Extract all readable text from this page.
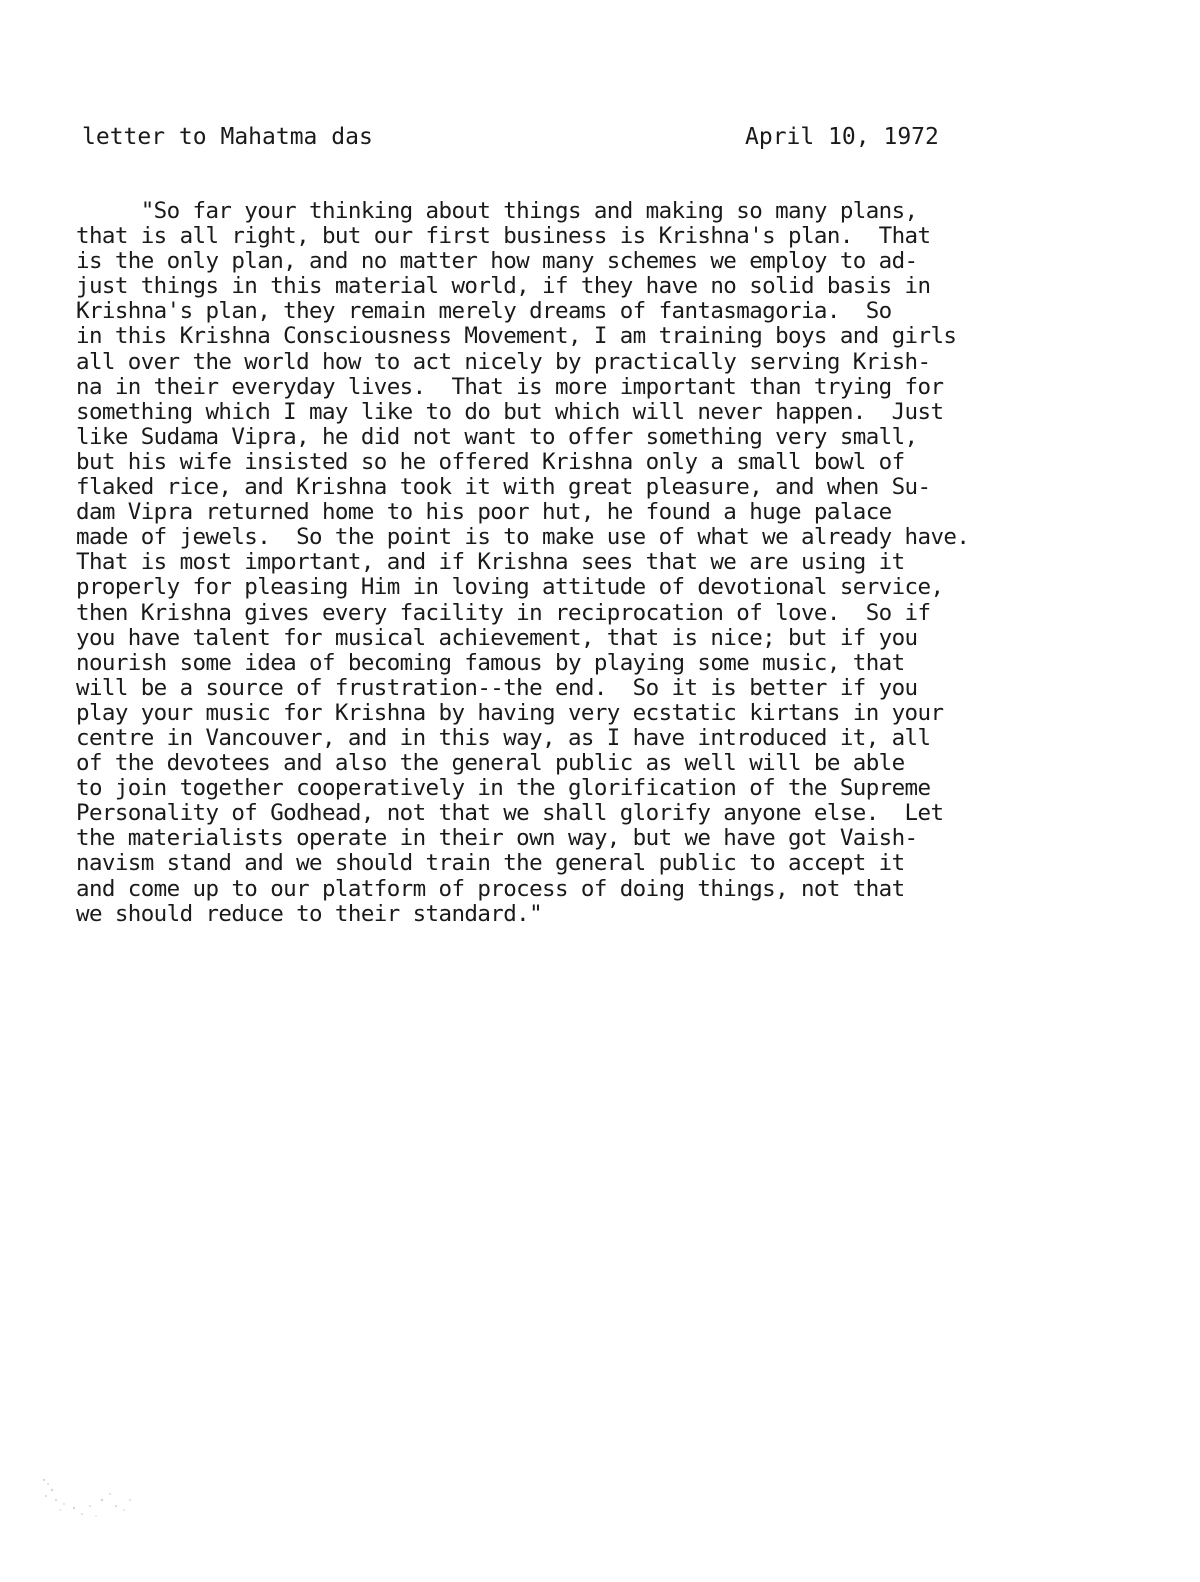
letter to Mahatma das

	April 10, 1972

"So far your thinking about things and making so many plans,
that is all right, but our first business is Krishna's plan.  That
is the only plan, and no matter how many schemes we employ to ad-
just things in this material world, if they have no solid basis in
Krishna's plan, they remain merely dreams of fantasmagoria.  So
in this Krishna Consciousness Movement, I am training boys and girls
all over the world how to act nicely by practically serving Krish-
na in their everyday lives.  That is more important than trying for
something which I may like to do but which will never happen.  Just
like Sudama Vipra, he did not want to offer something very small,
but his wife insisted so he offered Krishna only a small bowl of
flaked rice, and Krishna took it with great pleasure, and when Su-
dam Vipra returned home to his poor hut, he found a huge palace
made of jewels.  So the point is to make use of what we already have.
That is most important, and if Krishna sees that we are using it
properly for pleasing Him in loving attitude of devotional service,
then Krishna gives every facility in reciprocation of love.  So if
you have talent for musical achievement, that is nice; but if you
nourish some idea of becoming famous by playing some music, that
will be a source of frustration--the end.  So it is better if you
play your music for Krishna by having very ecstatic kirtans in your
centre in Vancouver, and in this way, as I have introduced it, all
of the devotees and also the general public as well will be able
to join together cooperatively in the glorification of the Supreme
Personality of Godhead, not that we shall glorify anyone else.  Let
the materialists operate in their own way, but we have got Vaish-
navism stand and we should train the general public to accept it
and come up to our platform of process of doing things, not that
we should reduce to their standard."
